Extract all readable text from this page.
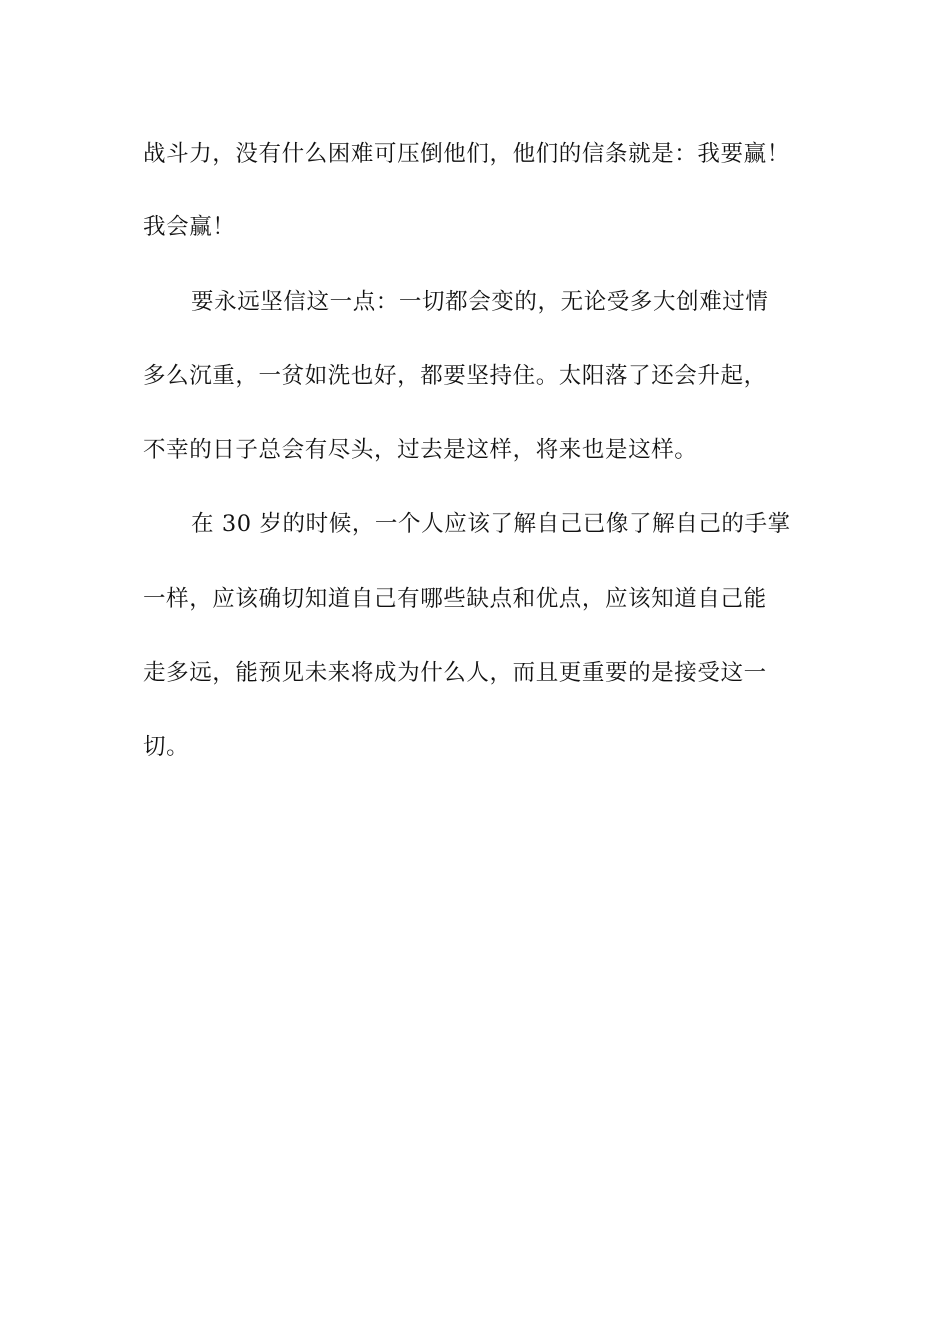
战斗力，没有什么困难可压倒他们，他们的信条就是：我要赢！
我会赢！
要永远坚信这一点：一切都会变的，无论受多大创难过情
多么沉重，一贫如洗也好，都要坚持住。太阳落了还会升起，
不幸的日子总会有尽头，过去是这样，将来也是这样。
在 30 岁的时候，一个人应该了解自己已像了解自己的手掌
一样，应该确切知道自己有哪些缺点和优点，应该知道自己能
走多远，能预见未来将成为什么人，而且更重要的是接受这一
切。
